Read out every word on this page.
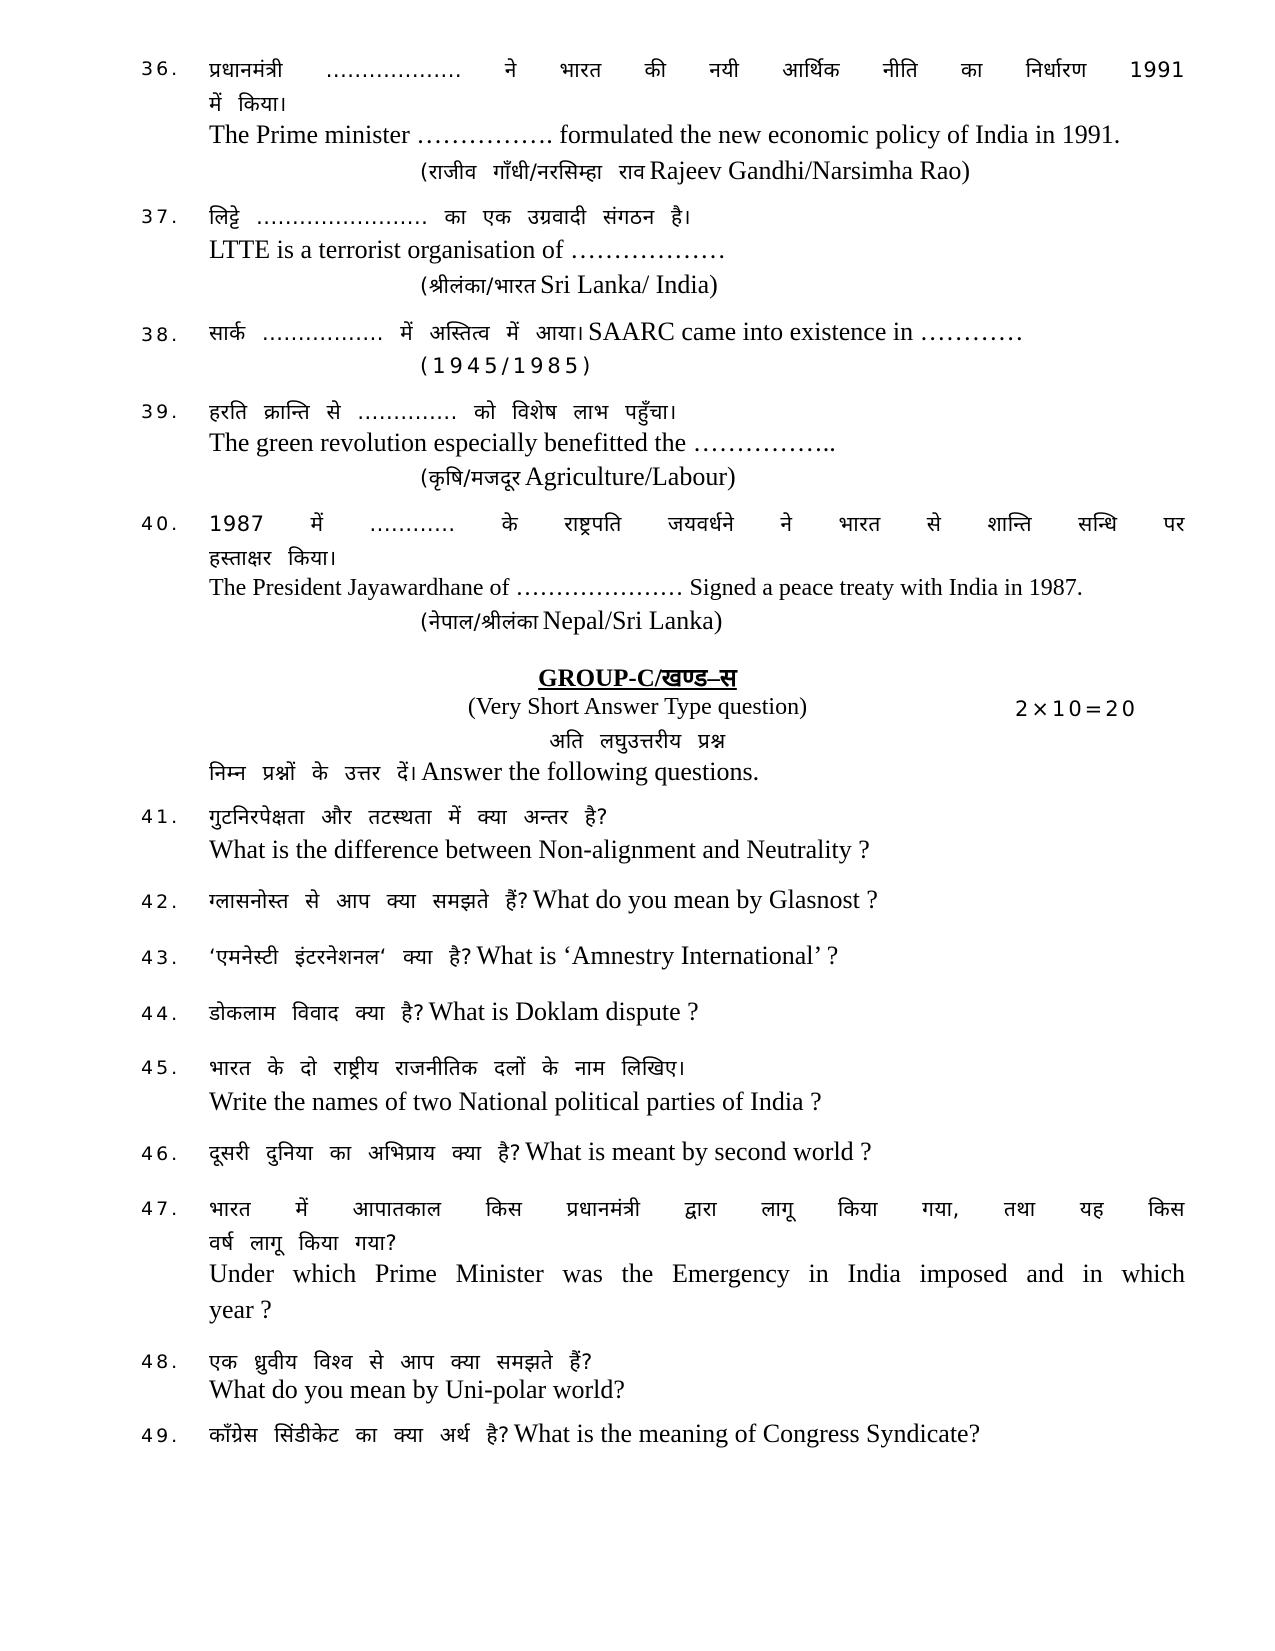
36. प्रधानमंत्री ................... ने भारत की नयी आर्थिक नीति का निर्धारण 1991
में किया।
The Prime minister ……………. formulated the new economic policy of India in 1991.
(राजीव गाँधी/नरसिम्हा राव Rajeev Gandhi/Narsimha Rao)
37. लिट्टे ........................ का एक उग्रवादी संगठन है।
LTTE is a terrorist organisation of ………………
(श्रीलंका/भारत Sri Lanka/ India)
38. सार्क ................. में अस्तित्व में आया। SAARC came into existence in …………
(1945/1985)
39. हरति क्रान्ति से .............. को विशेष लाभ पहुँचा।
The green revolution especially benefitted the ……………..
(कृषि/मजदूर Agriculture/Labour)
40. 1987 में ............ के राष्ट्रपति जयवर्धने ने भारत से शान्ति सन्धि पर
हस्ताक्षर किया।
The President Jayawardhane of ………………… Signed a peace treaty with India in 1987.
(नेपाल/श्रीलंका Nepal/Sri Lanka)
GROUP-C/खण्ड–स
(Very Short Answer Type question)	2×10=20
अति लघुउत्तरीय प्रश्न
निम्न प्रश्नों के उत्तर दें। Answer the following questions.
41. गुटनिरपेक्षता और तटस्थता में क्या अन्तर है?
What is the difference between Non-alignment and Neutrality ?
42. ग्लासनोस्त से आप क्या समझते हैं? What do you mean by Glasnost ?
43. ‘एमनेस्टी इंटरनेशनल‘ क्या है? What is ‘Amnestry International’ ?
44. डोकलाम विवाद क्या है? What is Doklam dispute ?
45. भारत के दो राष्ट्रीय राजनीतिक दलों के नाम लिखिए।
Write the names of two National political parties of India ?
46. दूसरी दुनिया का अभिप्राय क्या है? What is meant by second world ?
47. भारत में आपातकाल किस प्रधानमंत्री द्वारा लागू किया गया, तथा यह किस
वर्ष लागू किया गया?
Under which Prime Minister was the Emergency in India imposed and in which
year ?
48. एक ध्रुवीय विश्व से आप क्या समझते हैं?
What do you mean by Uni-polar world?
49. काँग्रेस सिंडीकेट का क्या अर्थ है? What is the meaning of Congress Syndicate?
